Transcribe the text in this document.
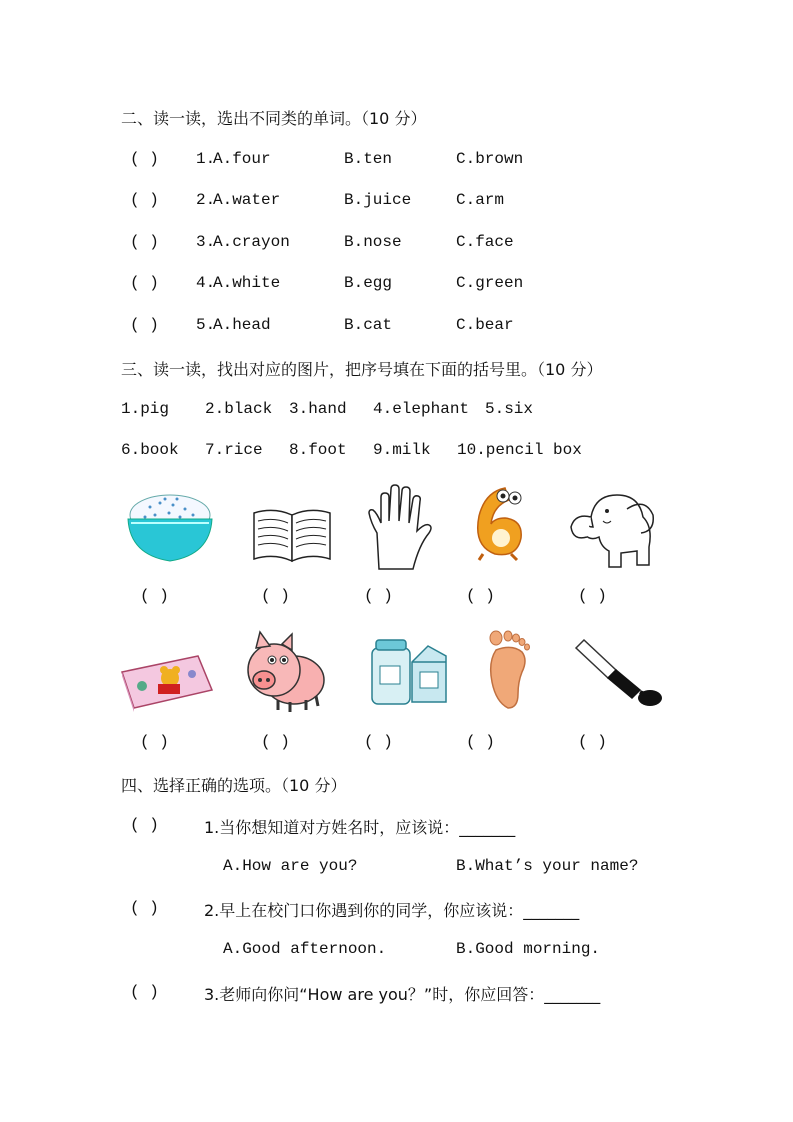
二、读一读，选出不同类的单词。（10 分）
( ) 1.
A.four	B.ten	C.brown
( ) 2.
A.water	B.juice	C.arm
( ) 3.
A.crayon	B.nose	C.face
( ) 4.
A.white	B.egg	C.green
( ) 5.
A.head	B.cat	C.bear
三、读一读，找出对应的图片，把序号填在下面的括号里。（10 分）
1.pig 2.black 3.hand 4.elephant 5.six
6.book 7.rice 8.foot 9.milk 10.pencil box
( )	( )	( )	( )	( )
( )	( )	( )	( )	( )
四、选择正确的选项。（10 分）
( )	1.当你想知道对方姓名时，应该说：_______
A.How are you?	B.What’s your name?
( )	2.早上在校门口你遇到你的同学，你应该说：_______
A.Good afternoon.	B.Good morning.
( )	3.老师向你问“How are you？”时，你应回答：_______
